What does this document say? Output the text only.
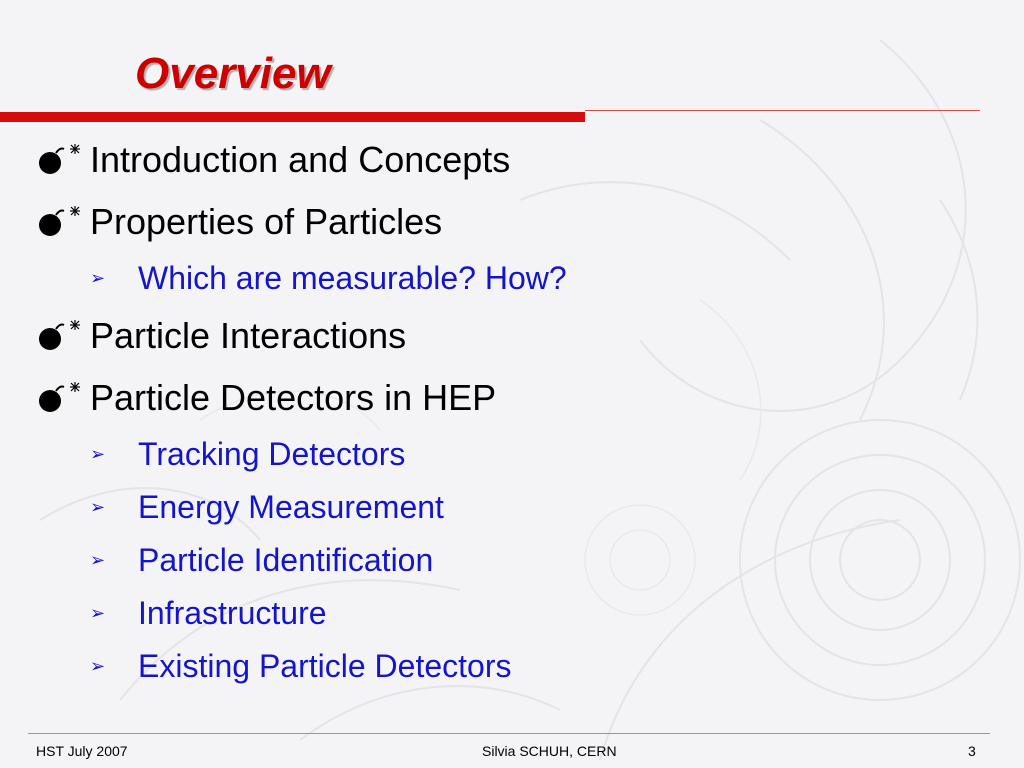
Overview
Introduction and Concepts
Properties of Particles
➢ Which are measurable? How?
Particle Interactions
Particle Detectors in HEP
➢ Tracking Detectors
➢ Energy Measurement
➢ Particle Identification
➢ Infrastructure
➢ Existing Particle Detectors
HST July 2007	Silvia SCHUH, CERN	3
